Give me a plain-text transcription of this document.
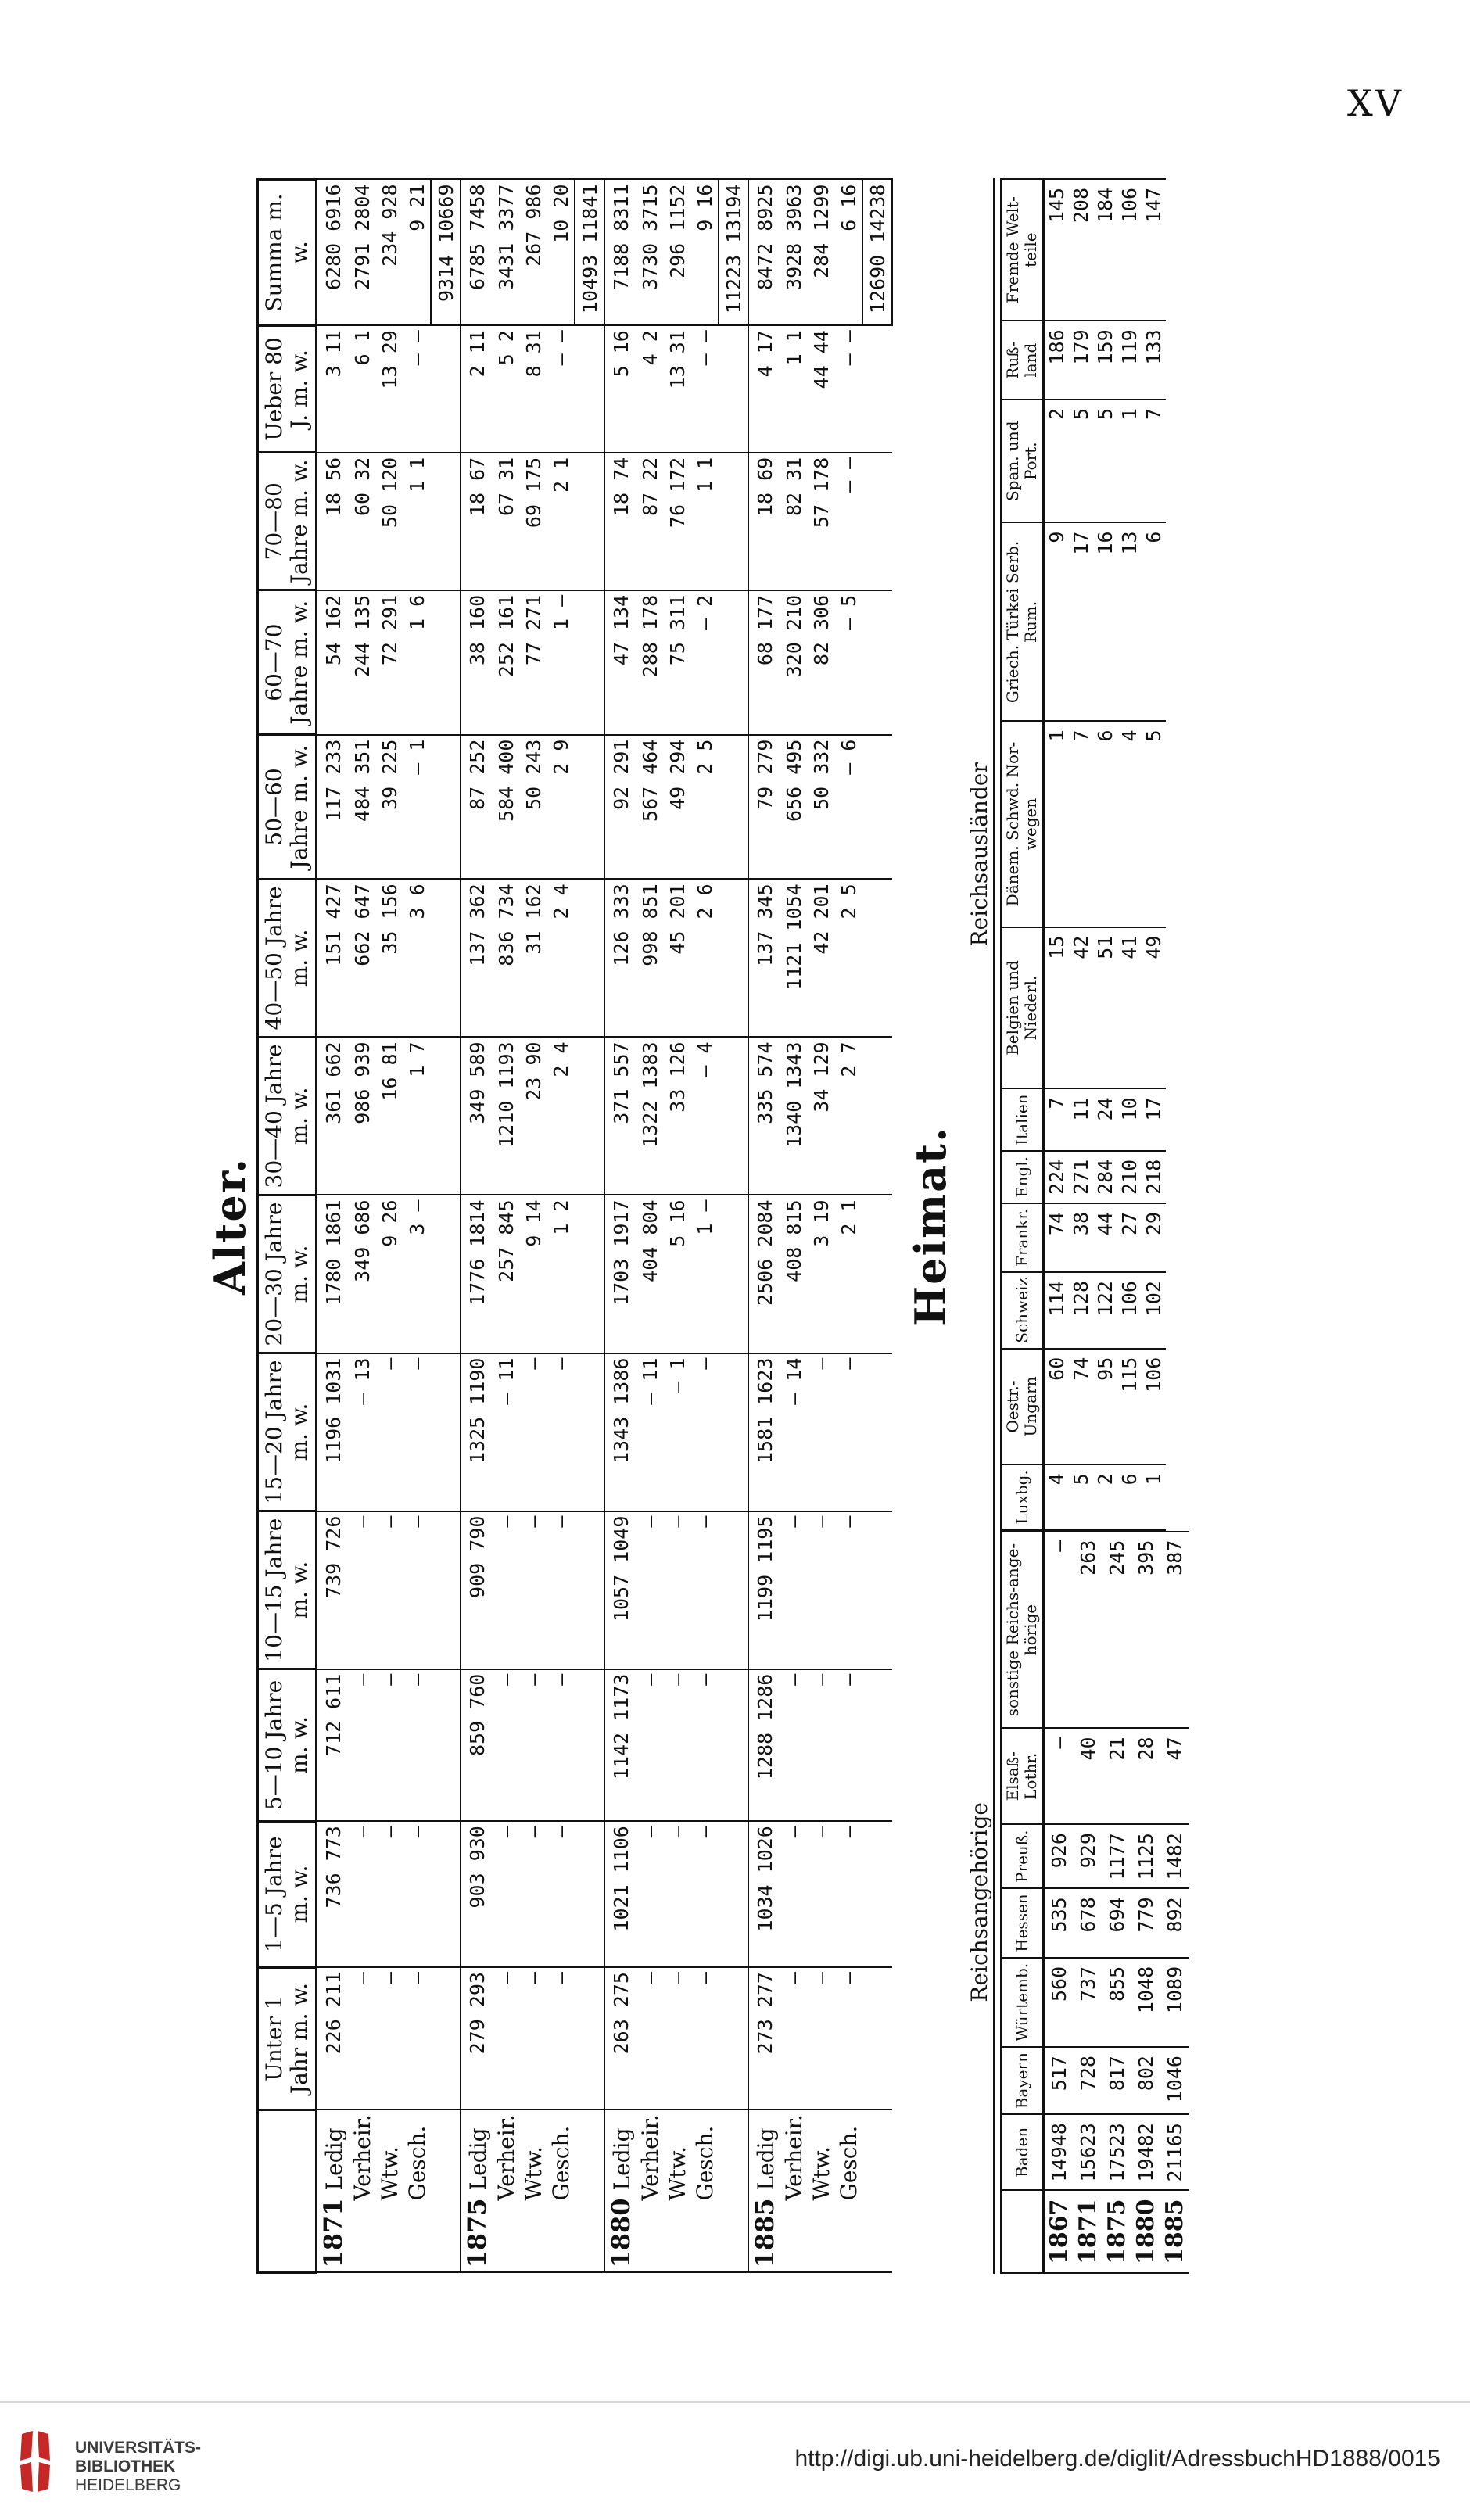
XV
Alter.
	Unter 1 Jahr m. w.	1—5 Jahre m. w.	5—10 Jahre m. w.	10—15 Jahre m. w.	15—20 Jahre m. w.	20—30 Jahre m. w.	30—40 Jahre m. w.	40—50 Jahre m. w.	50—60 Jahre m. w.	60—70 Jahre m. w.	70—80 Jahre m. w.	Ueber 80 J. m. w.	Summa m. w.
1871Ledig	226 211	736 773	712 611	739 726	1196 1031	1780 1861	361 662	151 427	117 233	54 162	18 56	3 11	6280 6916
Verheir.	—	—	—	—	— 13	349 686	986 939	662 647	484 351	244 135	60 32	6 1	2791 2804
Wtw.	—	—	—	—	—	9 26	16 81	35 156	39 225	72 291	50 120	13 29	234 928
Gesch.	—	—	—	—	—	3 —	1 7	3 6	— 1	1 6	1 1	— —	9 21
													9314 10669
1875Ledig	279 293	903 930	859 760	909 790	1325 1190	1776 1814	349 589	137 362	87 252	38 160	18 67	2 11	6785 7458
Verheir.	—	—	—	—	— 11	257 845	1210 1193	836 734	584 400	252 161	67 31	5 2	3431 3377
Wtw.	—	—	—	—	—	9 14	23 90	31 162	50 243	77 271	69 175	8 31	267 986
Gesch.	—	—	—	—	—	1 2	2 4	2 4	2 9	1 —	2 1	— —	10 20
													10493 11841
1880Ledig	263 275	1021 1106	1142 1173	1057 1049	1343 1386	1703 1917	371 557	126 333	92 291	47 134	18 74	5 16	7188 8311
Verheir.	—	—	—	—	— 11	404 804	1322 1383	998 851	567 464	288 178	87 22	4 2	3730 3715
Wtw.	—	—	—	—	— 1	5 16	33 126	45 201	49 294	75 311	76 172	13 31	296 1152
Gesch.	—	—	—	—	—	1 —	— 4	2 6	2 5	— 2	1 1	— —	9 16
													11223 13194
1885Ledig	273 277	1034 1026	1288 1286	1199 1195	1581 1623	2506 2084	335 574	137 345	79 279	68 177	18 69	4 17	8472 8925
Verheir.	—	—	—	—	— 14	408 815	1340 1343	1121 1054	656 495	320 210	82 31	1 1	3928 3963
Wtw.	—	—	—	—	—	3 19	34 129	42 201	50 332	82 306	57 178	44 44	284 1299
Gesch.	—	—	—	—	—	2 1	2 7	2 5	— 6	— 5	— —	— —	6 16
													12690 14238
Heimat.
Reichsangehörige
	Baden	Bayern	Würtemb.	Hessen	Preuß.	Elsaß-Lothr.	sonstige Reichs-ange-hörige
1867	14948	517	560	535	926	—	—
1871	15623	728	737	678	929	40	263
1875	17523	817	855	694	1177	21	245
1880	19482	802	1048	779	1125	28	395
1885	21165	1046	1089	892	1482	47	387
Reichsausländer
Luxbg.	Oestr.-Ungarn	Schweiz	Frankr.	Engl.	Italien	Belgien und Niederl.	Dänem. Schwd. Nor-wegen	Griech. Türkei Serb. Rum.	Span. und Port.	Ruß-land	Fremde Welt-teile
4	60	114	74	224	7	15	1	9	2	186	145
5	74	128	38	271	11	42	7	17	5	179	208
2	95	122	44	284	24	51	6	16	5	159	184
6	115	106	27	210	10	41	4	13	1	119	106
1	106	102	29	218	17	49	5	6	7	133	147
UNIVERSITÄTS-
BIBLIOTHEK
HEIDELBERG
http://digi.ub.uni-heidelberg.de/diglit/AdressbuchHD1888/0015
